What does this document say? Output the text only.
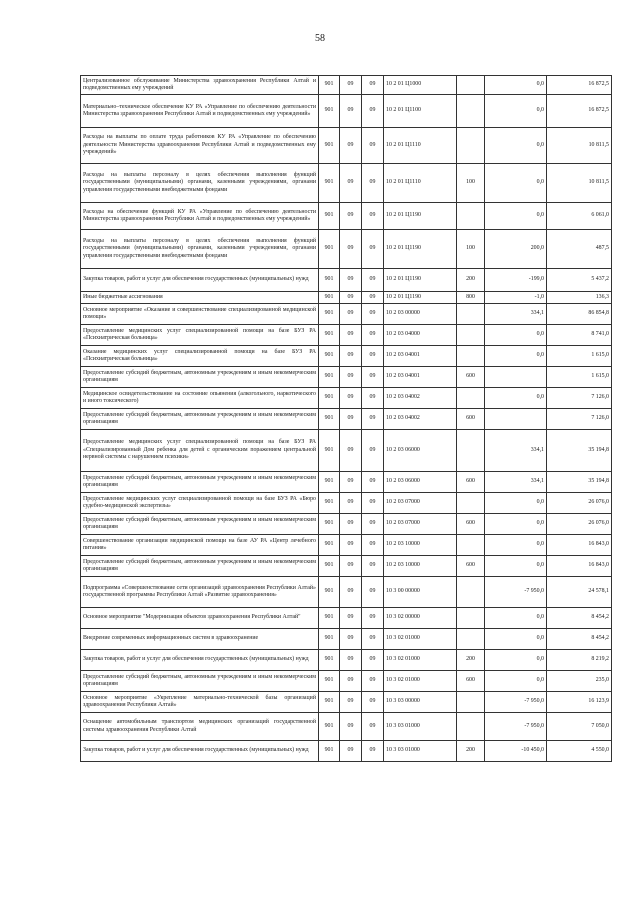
58
Централизованное обслуживание Министерства здравоохранения Республики Алтай и подведомственных ему учреждений	901	09	09	10 2 01 Ц1000		0,0	16 872,5
Материально–техническое обеспечение КУ РА «Управление по обеспечению деятельности Министерства здравоохранения Республики Алтай и подведомственных ему учреждений»	901	09	09	10 2 01 Ц1100		0,0	16 872,5
Расходы на выплаты по оплате труда работников КУ РА «Управление по обеспечению деятельности Министерства здравоохранения Республики Алтай и подведомственных ему учреждений»	901	09	09	10 2 01 Ц1110		0,0	10 811,5
Расходы на выплаты персоналу в целях обеспечения выполнения функций государственными (муниципальными) органами, казенными учреждениями, органами управления государственными внебюджетными фондами	901	09	09	10 2 01 Ц1110	100	0,0	10 811,5
Расходы на обеспечение функций КУ РА «Управление по обеспечению деятельности Министерства здравоохранения Республики Алтай и подведомственных ему учреждений»	901	09	09	10 2 01 Ц1190		0,0	6 061,0
Расходы на выплаты персоналу в целях обеспечения выполнения функций государственными (муниципальными) органами, казенными учреждениями, органами управления государственными внебюджетными фондами	901	09	09	10 2 01 Ц1190	100	200,0	487,5
Закупка товаров, работ и услуг для обеспечения государственных (муниципальных) нужд	901	09	09	10 2 01 Ц1190	200	-199,0	5 437,2
Иные бюджетные ассигнования	901	09	09	10 2 01 Ц1190	800	-1,0	136,3
Основное мероприятие «Оказание и совершенствование специализированной медицинской помощи»	901	09	09	10 2 03 00000		334,1	86 854,8
Предоставление медицинских услуг специализированной помощи на базе БУЗ РА «Психиатрическая больница»	901	09	09	10 2 03 04000		0,0	8 741,0
Оказание медицинских услуг специализированной помощи на базе БУЗ РА «Психиатрическая больница»	901	09	09	10 2 03 04001		0,0	1 615,0
Предоставление субсидий бюджетным, автономным учреждениям и иным некоммерческим организациям	901	09	09	10 2 03 04001	600		1 615,0
Медицинское освидетельствование на состояние опьянения (алкогольного, наркотического и иного токсического)	901	09	09	10 2 03 04002		0,0	7 126,0
Предоставление субсидий бюджетным, автономным учреждениям и иным некоммерческим организациям	901	09	09	10 2 03 04002	600		7 126,0
Предоставление медицинских услуг специализированной помощи на базе БУЗ РА «Специализированный Дом ребенка для детей с органическим поражением центральной нервной системы с нарушением психики»	901	09	09	10 2 03 06000		334,1	35 194,8
Предоставление субсидий бюджетным, автономным учреждениям и иным некоммерческим организациям	901	09	09	10 2 03 06000	600	334,1	35 194,8
Предоставление медицинских услуг специализированной помощи на базе БУЗ РА «Бюро судебно-медицинской экспертизы»	901	09	09	10 2 03 07000		0,0	26 076,0
Предоставление субсидий бюджетным, автономным учреждениям и иным некоммерческим организациям	901	09	09	10 2 03 07000	600	0,0	26 076,0
Совершенствование организации медицинской помощи на базе АУ РА «Центр лечебного питания»	901	09	09	10 2 03 10000		0,0	16 843,0
Предоставление субсидий бюджетным, автономным учреждениям и иным некоммерческим организациям	901	09	09	10 2 03 10000	600	0,0	16 843,0
Подпрограмма «Совершенствование сети организаций здравоохранения Республики Алтай» государственной программы Республики Алтай «Развитие здравоохранения»	901	09	09	10 3 00 00000		-7 950,0	24 578,1
Основное мероприятие "Модернизация объектов здравоохранения Республики Алтай"	901	09	09	10 3 02 00000		0,0	8 454,2
Внедрение современных информационных систем в здравоохранение	901	09	09	10 3 02 01000		0,0	8 454,2
Закупка товаров, работ и услуг для обеспечения государственных (муниципальных) нужд	901	09	09	10 3 02 01000	200	0,0	8 219,2
Предоставление субсидий бюджетным, автономным учреждениям и иным некоммерческим организациям	901	09	09	10 3 02 01000	600	0,0	235,0
Основное мероприятие «Укрепление материально-технической базы организаций здравоохранения Республики Алтай»	901	09	09	10 3 03 00000		-7 950,0	16 123,9
Оснащение автомобильным транспортом медицинских организаций государственной системы здравоохранения Республики Алтай	901	09	09	10 3 03 01000		-7 950,0	7 050,0
Закупка товаров, работ и услуг для обеспечения государственных (муниципальных) нужд	901	09	09	10 3 03 01000	200	-10 450,0	4 550,0
